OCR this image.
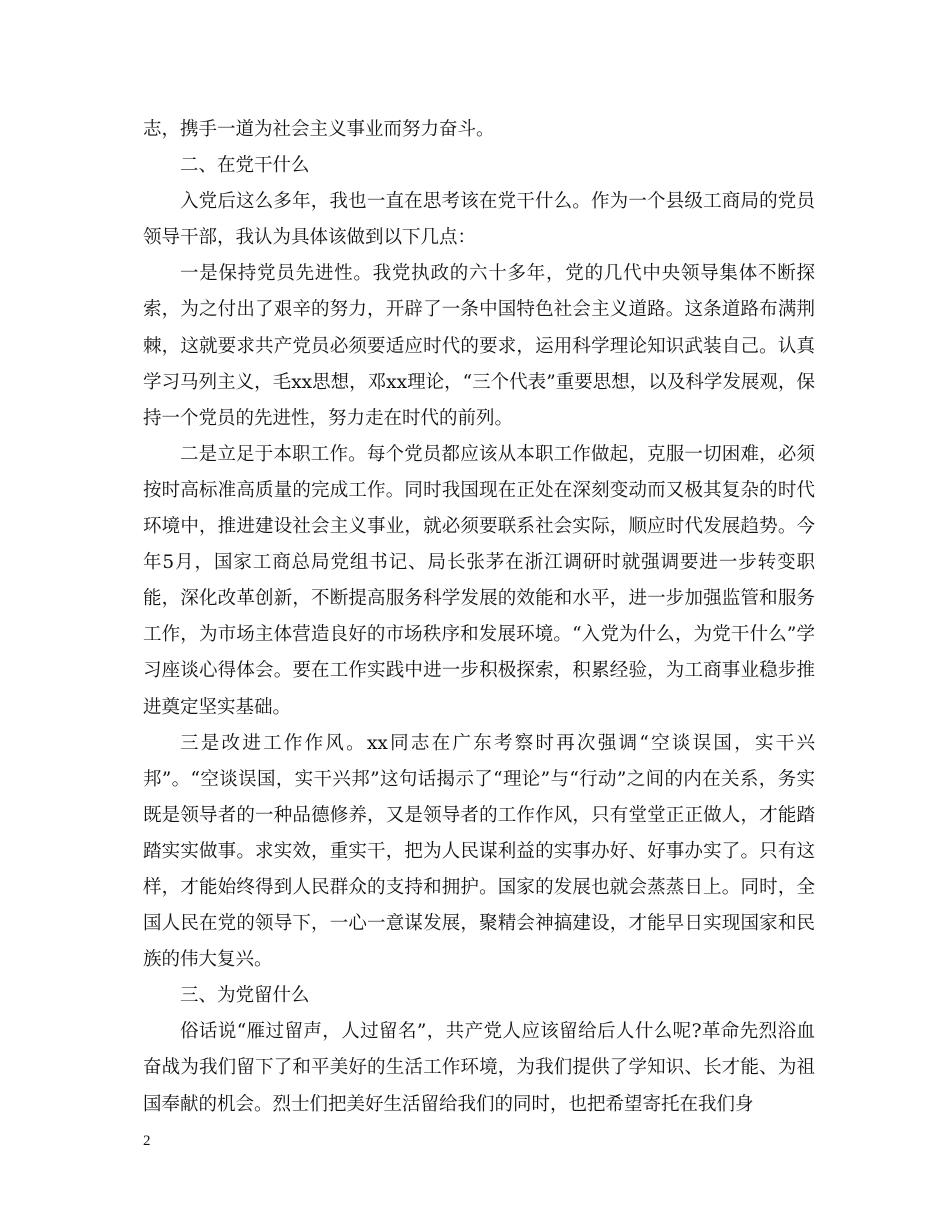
志，携手一道为社会主义事业而努力奋斗。

二、在党干什么

入党后这么多年，我也一直在思考该在党干什么。作为一个县级工商局的党员领导干部，我认为具体该做到以下几点：

一是保持党员先进性。我党执政的六十多年，党的几代中央领导集体不断探索，为之付出了艰辛的努力，开辟了一条中国特色社会主义道路。这条道路布满荆棘，这就要求共产党员必须要适应时代的要求，运用科学理论知识武装自己。认真学习马列主义，毛xx思想，邓xx理论，“三个代表”重要思想，以及科学发展观，保持一个党员的先进性，努力走在时代的前列。

二是立足于本职工作。每个党员都应该从本职工作做起，克服一切困难，必须按时高标准高质量的完成工作。同时我国现在正处在深刻变动而又极其复杂的时代环境中，推进建设社会主义事业，就必须要联系社会实际，顺应时代发展趋势。今年5月，国家工商总局党组书记、局长张茅在浙江调研时就强调要进一步转变职能，深化改革创新，不断提高服务科学发展的效能和水平，进一步加强监管和服务工作，为市场主体营造良好的市场秩序和发展环境。“入党为什么，为党干什么”学习座谈心得体会。要在工作实践中进一步积极探索，积累经验，为工商事业稳步推进奠定坚实基础。

三是改进工作作风。xx同志在广东考察时再次强调“空谈误国，实干兴邦”。“空谈误国，实干兴邦”这句话揭示了“理论”与“行动”之间的内在关系，务实既是领导者的一种品德修养，又是领导者的工作作风，只有堂堂正正做人，才能踏踏实实做事。求实效，重实干，把为人民谋利益的实事办好、好事办实了。只有这样，才能始终得到人民群众的支持和拥护。国家的发展也就会蒸蒸日上。同时，全国人民在党的领导下，一心一意谋发展，聚精会神搞建设，才能早日实现国家和民族的伟大复兴。

三、为党留什么

俗话说“雁过留声，人过留名”，共产党人应该留给后人什么呢?革命先烈浴血奋战为我们留下了和平美好的生活工作环境，为我们提供了学知识、长才能、为祖国奉献的机会。烈士们把美好生活留给我们的同时，也把希望寄托在我们身

2
